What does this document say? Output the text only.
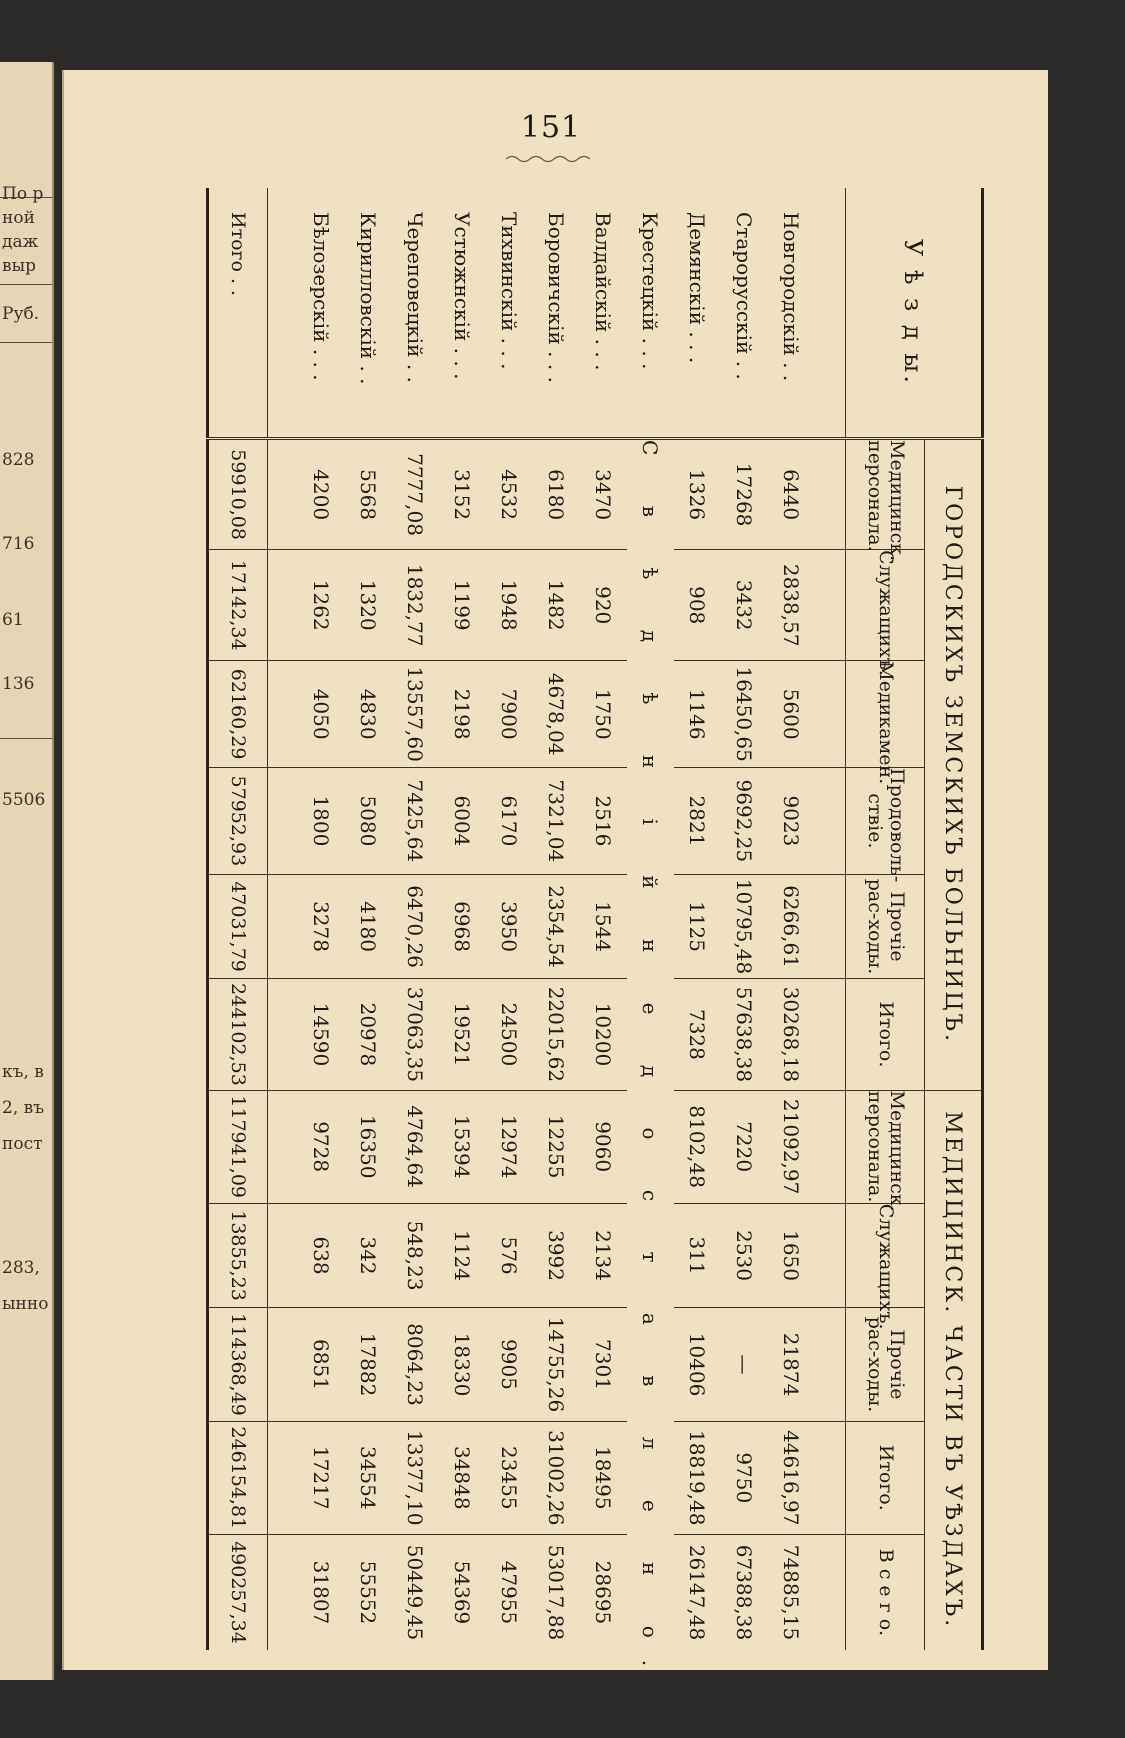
По р
ной
даж
выр
Руб.
828
716
61
136
5506
къ, в
2, въ
пост
283,
ынно
151
У ѣ з д ы.	ГОРОДСКИХЪ ЗЕМСКИХЪ БОЛЬНИЦЪ.						МЕДИЦИНСК. ЧАСТИ ВЪ УѢЗДАХЪ.				
	Медицинск. персонала.	Служащихъ.	Медикамен.	Продоволь-ствіе.	Прочіе рас-ходы.	Итого.	Медицинск. персонала.	Служащихъ.	Прочіе рас-ходы.	Итого.	В с е г о.

Новгородскій . .	6440	2838,57	5600	9023	6266,61	30268,18	21092,97	1650	21874	44616,97	74885,15
Старорусскій . .	17268	3432	16450,65	9692,25	10795,48	57638,38	7220	2530	—	9750	67388,38
Демянскій . . .	1326	908	1146	2821	1125	7328	8102,48	311	10406	18819,48	26147,48
Крестецкій . . .	С в ѣ д ѣ н і й н е д о с т а в л е н о.										
Валдайскій . . .	3470	920	1750	2516	1544	10200	9060	2134	7301	18495	28695
Боровичскій . . .	6180	1482	4678,04	7321,04	2354,54	22015,62	12255	3992	14755,26	31002,26	53017,88
Тихвинскій . . .	4532	1948	7900	6170	3950	24500	12974	576	9905	23455	47955
Устюжнскій . . .	3152	1199	2198	6004	6968	19521	15394	1124	18330	34848	54369
Череповецкій . .	7777,08	1832,77	13557,60	7425,64	6470,26	37063,35	4764,64	548,23	8064,23	13377,10	50449,45
Кирилловскій . .	5568	1320	4830	5080	4180	20978	16350	342	17882	34554	55552
Бѣлозерскій . . .	4200	1262	4050	1800	3278	14590	9728	638	6851	17217	31807

Итого . .	59910,08	17142,34	62160,29	57952,93	47031,79	244102,53	117941,09	13855,23	114368,49	246154,81	490257,34
